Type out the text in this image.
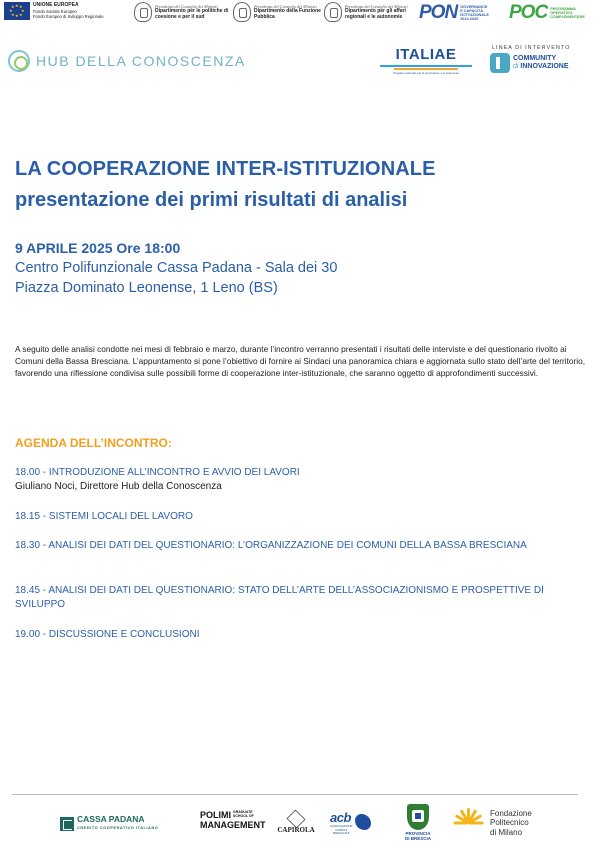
★
★
★ ★
★ ★
★ ★
UNIONE EUROPEA
Fondo Sociale Europeo
Fondo Europeo di Sviluppo Regionale
Presidenza del Consiglio dei Ministri
Dipartimento per le politiche di coesione e per il sud
Presidenza del Consiglio dei Ministri
Dipartimento della Funzione Pubblica
Presidenza del Consiglio dei Ministri
Dipartimento per gli affari regionali e le autonomie PON GOVERNANCE
E CAPACITÀ
ISTITUZIONALE
2014-2020	POC PROGRAMMA
OPERATIVO
COMPLEMENTARE
HUB DELLA CONOSCENZA	ITALIAE
Progetto nazionale per la governance e le autonomie
LINEA DI INTERVENTO
COMMUNITY
di INNOVAZIONE
LA COOPERAZIONE INTER-ISTITUZIONALE
presentazione dei primi risultati di analisi
9 APRILE 2025 Ore 18:00
Centro Polifunzionale Cassa Padana - Sala dei 30
Piazza Dominato Leonense, 1 Leno (BS)

A seguito delle analisi condotte nei mesi di febbraio e marzo, durante l’incontro verranno presentati i risultati delle interviste e del questionario rivolto ai Comuni della Bassa Bresciana. L’appuntamento si pone l’obiettivo di fornire ai Sindaci una panoramica chiara e aggiornata sullo stato dell’arte del territorio, favorendo una riflessione condivisa sulle possibili forme di cooperazione inter-istituzionale, che saranno oggetto di approfondimenti successivi.

AGENDA DELL’INCONTRO:
18.00 - INTRODUZIONE ALL’INCONTRO E AVVIO DEI LAVORI
Giuliano Noci, Direttore Hub della Conoscenza
18.15 - SISTEMI LOCALI DEL LAVORO
18.30 - ANALISI DEI DATI DEL QUESTIONARIO: L’ORGANIZZAZIONE DEI COMUNI DELLA BASSA BRESCIANA
18.45 - ANALISI DEI DATI DEL QUESTIONARIO: STATO DELL’ARTE DELL’ASSOCIAZIONISMO E PROSPETTIVE DI SVILUPPO
19.00 - DISCUSSIONE E CONCLUSIONI
CASSA PADANA
CREDITO COOPERATIVO ITALIANO
POLIMI GRADUATE
SCHOOL OF
MANAGEMENT	CAPIROLA
acb
ASSOCIAZIONE
COMUNI
BRESCIANI	PROVINCIA
DI BRESCIA
Fondazione
Politecnico
di Milano
